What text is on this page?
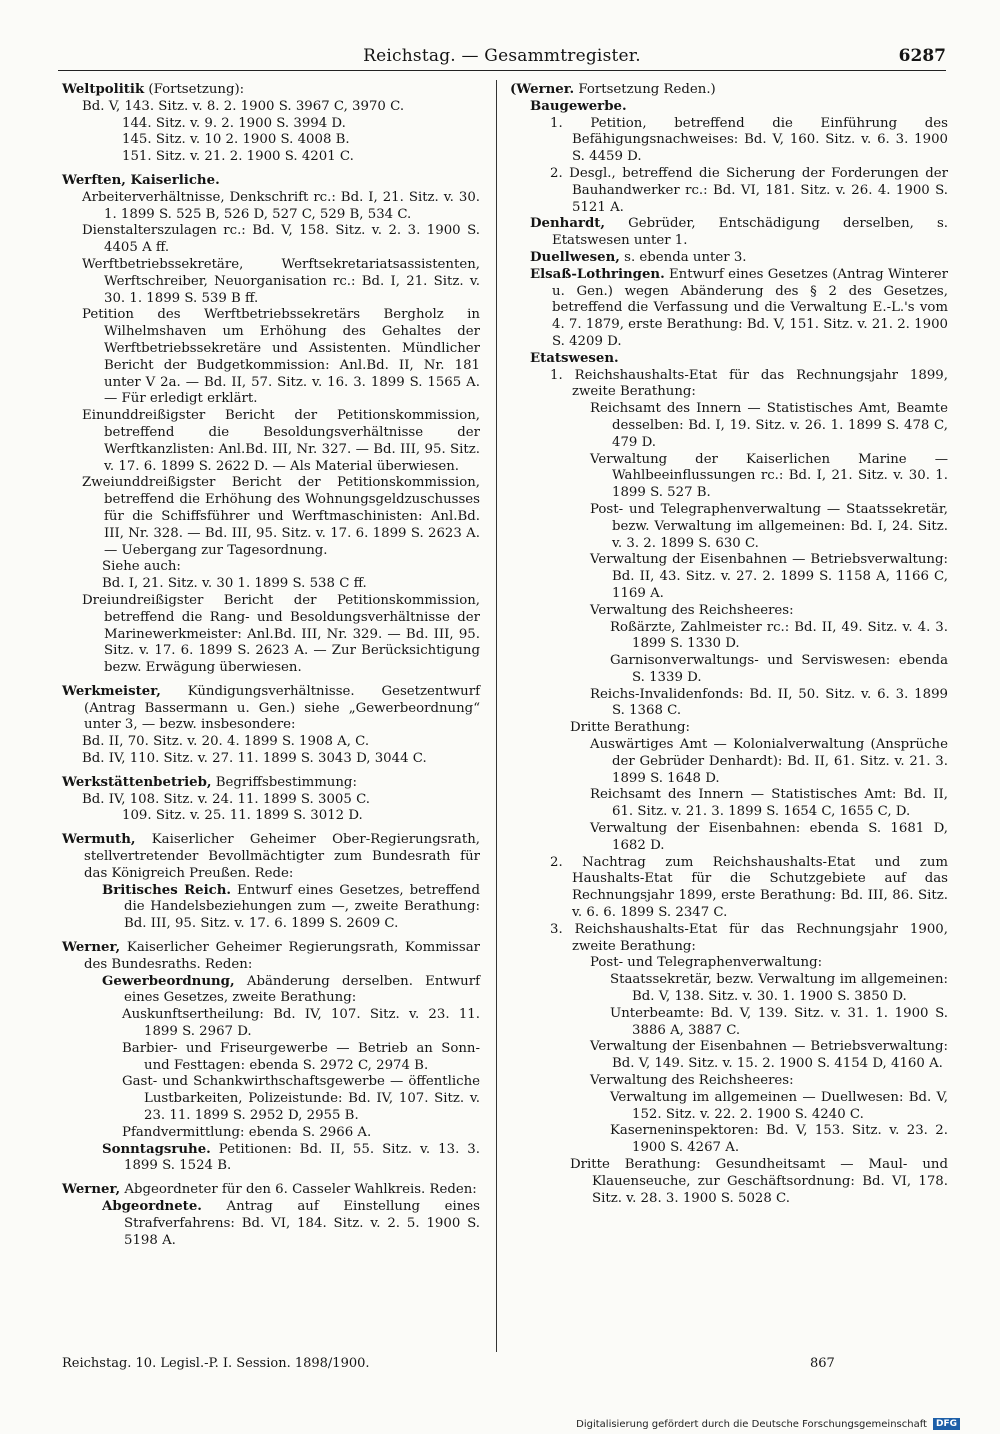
Reichstag. — Gesammtregister.	6287

Weltpolitik (Fortsetzung):

Bd. V, 143. Sitz. v. 8. 2. 1900 S. 3967 C, 3970 C.

144. Sitz. v. 9. 2. 1900 S. 3994 D.

145. Sitz. v. 10 2. 1900 S. 4008 B.

151. Sitz. v. 21. 2. 1900 S. 4201 C.

Werften, Kaiserliche.

Arbeiterverhältnisse, Denkschrift rc.: Bd. I, 21. Sitz. v. 30. 1. 1899 S. 525 B, 526 D, 527 C, 529 B, 534 C.

Dienstalterszulagen rc.: Bd. V, 158. Sitz. v. 2. 3. 1900 S. 4405 A ff.

Werftbetriebssekretäre, Werftsekretariatsassistenten, Werftschreiber, Neuorganisation rc.: Bd. I, 21. Sitz. v. 30. 1. 1899 S. 539 B ff.

Petition des Werftbetriebssekretärs Bergholz in Wilhelmshaven um Erhöhung des Gehaltes der Werftbetriebssekretäre und Assistenten. Mündlicher Bericht der Budgetkommission: Anl.Bd. II, Nr. 181 unter V 2a. — Bd. II, 57. Sitz. v. 16. 3. 1899 S. 1565 A. — Für erledigt erklärt.

Einunddreißigster Bericht der Petitionskommission, betreffend die Besoldungsverhältnisse der Werftkanzlisten: Anl.Bd. III, Nr. 327. — Bd. III, 95. Sitz. v. 17. 6. 1899 S. 2622 D. — Als Material überwiesen.

Zweiunddreißigster Bericht der Petitionskommission, betreffend die Erhöhung des Wohnungsgeldzuschusses für die Schiffsführer und Werftmaschinisten: Anl.Bd. III, Nr. 328. — Bd. III, 95. Sitz. v. 17. 6. 1899 S. 2623 A. — Uebergang zur Tagesordnung.

Siehe auch:

Bd. I, 21. Sitz. v. 30 1. 1899 S. 538 C ff.

Dreiundreißigster Bericht der Petitionskommission, betreffend die Rang- und Besoldungsverhältnisse der Marinewerkmeister: Anl.Bd. III, Nr. 329. — Bd. III, 95. Sitz. v. 17. 6. 1899 S. 2623 A. — Zur Berücksichtigung bezw. Erwägung überwiesen.

Werkmeister, Kündigungsverhältnisse. Gesetzentwurf (Antrag Bassermann u. Gen.) siehe „Gewerbeordnung“ unter 3, — bezw. insbesondere:

Bd. II, 70. Sitz. v. 20. 4. 1899 S. 1908 A, C.

Bd. IV, 110. Sitz. v. 27. 11. 1899 S. 3043 D, 3044 C.

Werkstättenbetrieb, Begriffsbestimmung:

Bd. IV, 108. Sitz. v. 24. 11. 1899 S. 3005 C.

109. Sitz. v. 25. 11. 1899 S. 3012 D.

Wermuth, Kaiserlicher Geheimer Ober-Regierungsrath, stellvertretender Bevollmächtigter zum Bundesrath für das Königreich Preußen. Rede:

Britisches Reich. Entwurf eines Gesetzes, betreffend die Handelsbeziehungen zum —, zweite Berathung: Bd. III, 95. Sitz. v. 17. 6. 1899 S. 2609 C.

Werner, Kaiserlicher Geheimer Regierungsrath, Kommissar des Bundesraths. Reden:

Gewerbeordnung, Abänderung derselben. Entwurf eines Gesetzes, zweite Berathung:

Auskunftsertheilung: Bd. IV, 107. Sitz. v. 23. 11. 1899 S. 2967 D.

Barbier- und Friseurgewerbe — Betrieb an Sonn- und Festtagen: ebenda S. 2972 C, 2974 B.

Gast- und Schankwirthschaftsgewerbe — öffentliche Lustbarkeiten, Polizeistunde: Bd. IV, 107. Sitz. v. 23. 11. 1899 S. 2952 D, 2955 B.

Pfandvermittlung: ebenda S. 2966 A.

Sonntagsruhe. Petitionen: Bd. II, 55. Sitz. v. 13. 3. 1899 S. 1524 B.

Werner, Abgeordneter für den 6. Casseler Wahlkreis. Reden:

Abgeordnete. Antrag auf Einstellung eines Strafverfahrens: Bd. VI, 184. Sitz. v. 2. 5. 1900 S. 5198 A.

(Werner. Fortsetzung Reden.)

Baugewerbe.

1. Petition, betreffend die Einführung des Befähigungsnachweises: Bd. V, 160. Sitz. v. 6. 3. 1900 S. 4459 D.

2. Desgl., betreffend die Sicherung der Forderungen der Bauhandwerker rc.: Bd. VI, 181. Sitz. v. 26. 4. 1900 S. 5121 A.

Denhardt, Gebrüder, Entschädigung derselben, s. Etatswesen unter 1.

Duellwesen, s. ebenda unter 3.

Elsaß-Lothringen. Entwurf eines Gesetzes (Antrag Winterer u. Gen.) wegen Abänderung des § 2 des Gesetzes, betreffend die Verfassung und die Verwaltung E.-L.'s vom 4. 7. 1879, erste Berathung: Bd. V, 151. Sitz. v. 21. 2. 1900 S. 4209 D.

Etatswesen.

1. Reichshaushalts-Etat für das Rechnungsjahr 1899, zweite Berathung:

Reichsamt des Innern — Statistisches Amt, Beamte desselben: Bd. I, 19. Sitz. v. 26. 1. 1899 S. 478 C, 479 D.

Verwaltung der Kaiserlichen Marine — Wahlbeeinflussungen rc.: Bd. I, 21. Sitz. v. 30. 1. 1899 S. 527 B.

Post- und Telegraphenverwaltung — Staatssekretär, bezw. Verwaltung im allgemeinen: Bd. I, 24. Sitz. v. 3. 2. 1899 S. 630 C.

Verwaltung der Eisenbahnen — Betriebsverwaltung: Bd. II, 43. Sitz. v. 27. 2. 1899 S. 1158 A, 1166 C, 1169 A.

Verwaltung des Reichsheeres:

Roßärzte, Zahlmeister rc.: Bd. II, 49. Sitz. v. 4. 3. 1899 S. 1330 D.

Garnisonverwaltungs- und Serviswesen: ebenda S. 1339 D.

Reichs-Invalidenfonds: Bd. II, 50. Sitz. v. 6. 3. 1899 S. 1368 C.

Dritte Berathung:

Auswärtiges Amt — Kolonialverwaltung (Ansprüche der Gebrüder Denhardt): Bd. II, 61. Sitz. v. 21. 3. 1899 S. 1648 D.

Reichsamt des Innern — Statistisches Amt: Bd. II, 61. Sitz. v. 21. 3. 1899 S. 1654 C, 1655 C, D.

Verwaltung der Eisenbahnen: ebenda S. 1681 D, 1682 D.

2. Nachtrag zum Reichshaushalts-Etat und zum Haushalts-Etat für die Schutzgebiete auf das Rechnungsjahr 1899, erste Berathung: Bd. III, 86. Sitz. v. 6. 6. 1899 S. 2347 C.

3. Reichshaushalts-Etat für das Rechnungsjahr 1900, zweite Berathung:

Post- und Telegraphenverwaltung:

Staatssekretär, bezw. Verwaltung im allgemeinen: Bd. V, 138. Sitz. v. 30. 1. 1900 S. 3850 D.

Unterbeamte: Bd. V, 139. Sitz. v. 31. 1. 1900 S. 3886 A, 3887 C.

Verwaltung der Eisenbahnen — Betriebsverwaltung: Bd. V, 149. Sitz. v. 15. 2. 1900 S. 4154 D, 4160 A.

Verwaltung des Reichsheeres:

Verwaltung im allgemeinen — Duellwesen: Bd. V, 152. Sitz. v. 22. 2. 1900 S. 4240 C.

Kaserneninspektoren: Bd. V, 153. Sitz. v. 23. 2. 1900 S. 4267 A.

Dritte Berathung: Gesundheitsamt — Maul- und Klauenseuche, zur Geschäftsordnung: Bd. VI, 178. Sitz. v. 28. 3. 1900 S. 5028 C.

Reichstag. 10. Legisl.-P. I. Session. 1898/1900.	867
Digitalisierung gefördert durch die Deutsche Forschungsgemeinschaft	DFG
